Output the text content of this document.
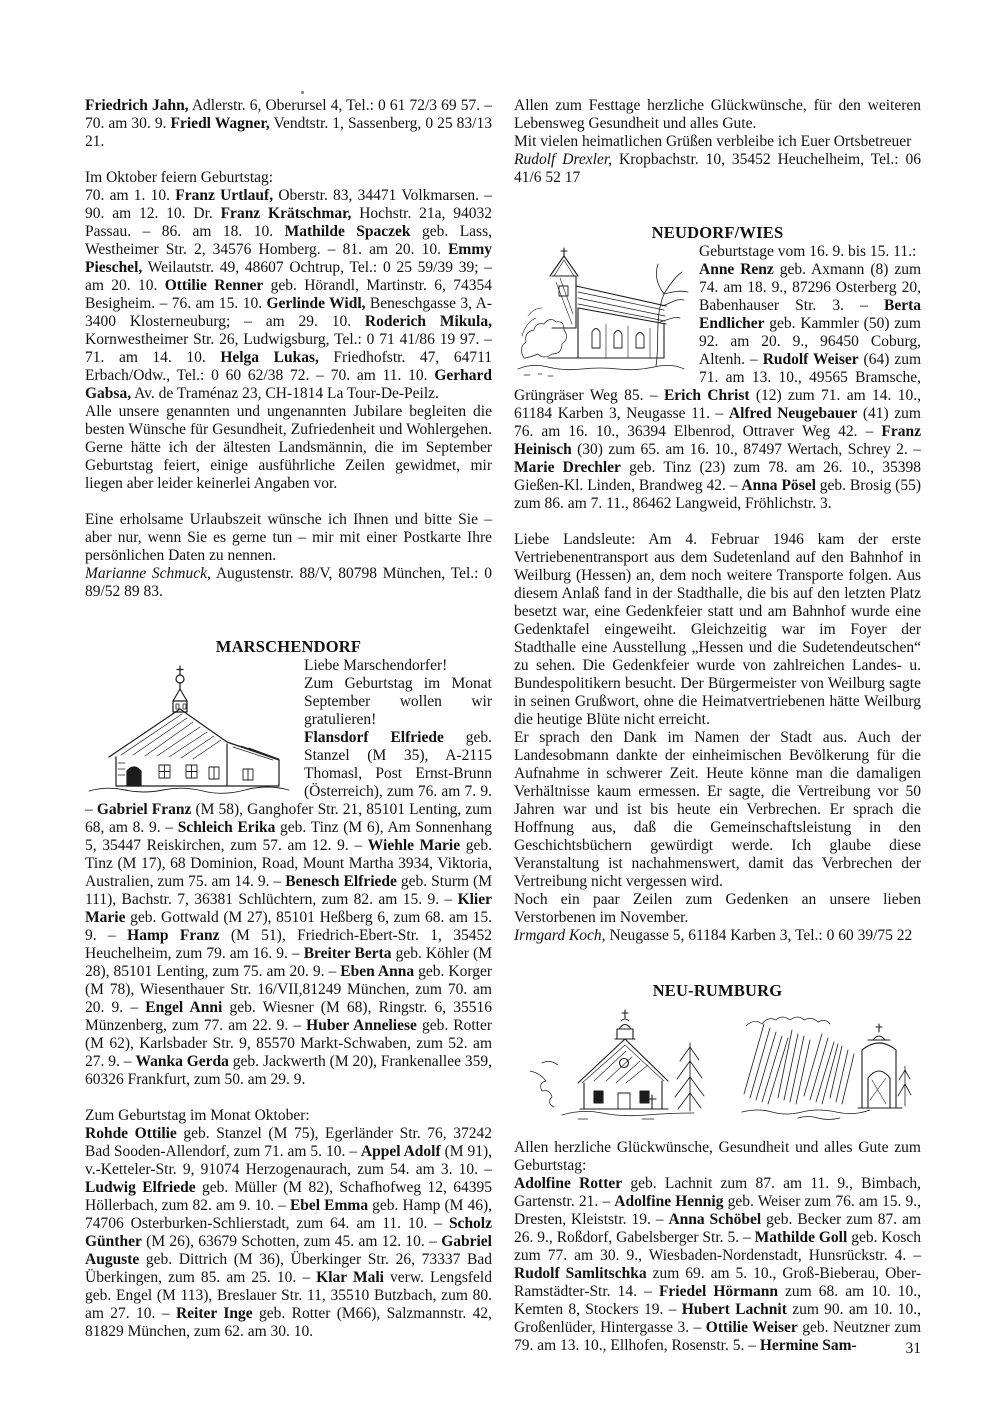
Friedrich Jahn, Adlerstr. 6, Oberursel 4, Tel.: 0 61 72/3 69 57. – 70. am 30. 9. Friedl Wagner, Vendtstr. 1, Sassenberg, 0 25 83/13 21.
Im Oktober feiern Geburtstag:
70. am 1. 10. Franz Urtlauf, Oberstr. 83, 34471 Volkmarsen. – 90. am 12. 10. Dr. Franz Krätschmar, Hochstr. 21a, 94032 Passau. – 86. am 18. 10. Mathilde Spaczek geb. Lass, Westheimer Str. 2, 34576 Homberg. – 81. am 20. 10. Emmy Pieschel, Weilautstr. 49, 48607 Ochtrup, Tel.: 0 25 59/39 39; – am 20. 10. Ottilie Renner geb. Hörandl, Martinstr. 6, 74354 Besigheim. – 76. am 15. 10. Gerlinde Widl, Beneschgasse 3, A-3400 Klosterneuburg; – am 29. 10. Roderich Mikula, Kornwestheimer Str. 26, Ludwigsburg, Tel.: 0 71 41/86 19 97. – 71. am 14. 10. Helga Lukas, Friedhofstr. 47, 64711 Erbach/Odw., Tel.: 0 60 62/38 72. – 70. am 11. 10. Gerhard Gabsa, Av. de Traménaz 23, CH-1814 La Tour-De-Peilz.
Alle unsere genannten und ungenannten Jubilare begleiten die besten Wünsche für Gesundheit, Zufriedenheit und Wohlergehen. Gerne hätte ich der ältesten Landsmännin, die im September Geburtstag feiert, einige ausführliche Zeilen gewidmet, mir liegen aber leider keinerlei Angaben vor.
Eine erholsame Urlaubszeit wünsche ich Ihnen und bitte Sie – aber nur, wenn Sie es gerne tun – mir mit einer Postkarte Ihre persönlichen Daten zu nennen.
Marianne Schmuck, Augustenstr. 88/V, 80798 München, Tel.: 0 89/52 89 83.
MARSCHENDORF
Liebe Marschendorfer!
Zum Geburtstag im Monat September wollen wir gratulieren!
Flansdorf Elfriede geb. Stanzel (M 35), A-2115 Thomasl, Post Ernst-Brunn (Österreich), zum 76. am 7. 9. – Gabriel Franz (M 58), Ganghofer Str. 21, 85101 Lenting, zum 68, am 8. 9. – Schleich Erika geb. Tinz (M 6), Am Sonnenhang 5, 35447 Reiskirchen, zum 57. am 12. 9. – Wiehle Marie geb. Tinz (M 17), 68 Dominion, Road, Mount Martha 3934, Viktoria, Australien, zum 75. am 14. 9. – Benesch Elfriede geb. Sturm (M 111), Bachstr. 7, 36381 Schlüchtern, zum 82. am 15. 9. – Klier Marie geb. Gottwald (M 27), 85101 Heßberg 6, zum 68. am 15. 9. – Hamp Franz (M 51), Friedrich-Ebert-Str. 1, 35452 Heuchelheim, zum 79. am 16. 9. – Breiter Berta geb. Köhler (M 28), 85101 Lenting, zum 75. am 20. 9. – Eben Anna geb. Korger (M 78), Wiesenthauer Str. 16/VII,81249 München, zum 70. am 20. 9. – Engel Anni geb. Wiesner (M 68), Ringstr. 6, 35516 Münzenberg, zum 77. am 22. 9. – Huber Anneliese geb. Rotter (M 62), Karlsbader Str. 9, 85570 Markt-Schwaben, zum 52. am 27. 9. – Wanka Gerda geb. Jackwerth (M 20), Frankenallee 359, 60326 Frankfurt, zum 50. am 29. 9.
Zum Geburtstag im Monat Oktober:
Rohde Ottilie geb. Stanzel (M 75), Egerländer Str. 76, 37242 Bad Sooden-Allendorf, zum 71. am 5. 10. – Appel Adolf (M 91), v.-Ketteler-Str. 9, 91074 Herzogenaurach, zum 54. am 3. 10. – Ludwig Elfriede geb. Müller (M 82), Schafhofweg 12, 64395 Höllerbach, zum 82. am 9. 10. – Ebel Emma geb. Hamp (M 46), 74706 Osterburken-Schlierstadt, zum 64. am 11. 10. – Scholz Günther (M 26), 63679 Schotten, zum 45. am 12. 10. – Gabriel Auguste geb. Dittrich (M 36), Überkinger Str. 26, 73337 Bad Überkingen, zum 85. am 25. 10. – Klar Mali verw. Lengsfeld geb. Engel (M 113), Breslauer Str. 11, 35510 Butzbach, zum 80. am 27. 10. – Reiter Inge geb. Rotter (M66), Salzmannstr. 42, 81829 München, zum 62. am 30. 10.
Allen zum Festtage herzliche Glückwünsche, für den weiteren Lebensweg Gesundheit und alles Gute.
Mit vielen heimatlichen Grüßen verbleibe ich Euer Ortsbetreuer
Rudolf Drexler, Kropbachstr. 10, 35452 Heuchelheim, Tel.: 06 41/6 52 17
NEUDORF/WIES
Geburtstage vom 16. 9. bis 15. 11.:
Anne Renz geb. Axmann (8) zum 74. am 18. 9., 87296 Osterberg 20, Babenhauser Str. 3. – Berta Endlicher geb. Kammler (50) zum 92. am 20. 9., 96450 Coburg, Altenh. – Rudolf Weiser (64) zum 71. am 13. 10., 49565 Bramsche, Grüngräser Weg 85. – Erich Christ (12) zum 71. am 14. 10., 61184 Karben 3, Neugasse 11. – Alfred Neugebauer (41) zum 76. am 16. 10., 36394 Elbenrod, Ottraver Weg 42. – Franz Heinisch (30) zum 65. am 16. 10., 87497 Wertach, Schrey 2. – Marie Drechler geb. Tinz (23) zum 78. am 26. 10., 35398 Gießen-Kl. Linden, Brandweg 42. – Anna Pösel geb. Brosig (55) zum 86. am 7. 11., 86462 Langweid, Fröhlichstr. 3.
Liebe Landsleute: Am 4. Februar 1946 kam der erste Vertriebenentransport aus dem Sudetenland auf den Bahnhof in Weilburg (Hessen) an, dem noch weitere Transporte folgen. Aus diesem Anlaß fand in der Stadthalle, die bis auf den letzten Platz besetzt war, eine Gedenkfeier statt und am Bahnhof wurde eine Gedenktafel eingeweiht. Gleichzeitig war im Foyer der Stadthalle eine Ausstellung „Hessen und die Sudetendeutschen“ zu sehen. Die Gedenkfeier wurde von zahlreichen Landes- u. Bundespolitikern besucht. Der Bürgermeister von Weilburg sagte in seinen Grußwort, ohne die Heimatvertriebenen hätte Weilburg die heutige Blüte nicht erreicht.
Er sprach den Dank im Namen der Stadt aus. Auch der Landesobmann dankte der einheimischen Bevölkerung für die Aufnahme in schwerer Zeit. Heute könne man die damaligen Verhältnisse kaum ermessen. Er sagte, die Vertreibung vor 50 Jahren war und ist bis heute ein Verbrechen. Er sprach die Hoffnung aus, daß die Gemeinschaftsleistung in den Geschichtsbüchern gewürdigt werde. Ich glaube diese Veranstaltung ist nachahmenswert, damit das Verbrechen der Vertreibung nicht vergessen wird.
Noch ein paar Zeilen zum Gedenken an unsere lieben Verstorbenen im November.
Irmgard Koch, Neugasse 5, 61184 Karben 3, Tel.: 0 60 39/75 22
NEU-RUMBURG
Allen herzliche Glückwünsche, Gesundheit und alles Gute zum Geburtstag:
Adolfine Rotter geb. Lachnit zum 87. am 11. 9., Bimbach, Gartenstr. 21. – Adolfine Hennig geb. Weiser zum 76. am 15. 9., Dresten, Kleiststr. 19. – Anna Schöbel geb. Becker zum 87. am 26. 9., Roßdorf, Gabelsberger Str. 5. – Mathilde Goll geb. Kosch zum 77. am 30. 9., Wiesbaden-Nordenstadt, Hunsrückstr. 4. – Rudolf Samlitschka zum 69. am 5. 10., Groß-Bieberau, Ober-Ramstädter-Str. 14. – Friedel Hörmann zum 68. am 10. 10., Kemten 8, Stockers 19. – Hubert Lachnit zum 90. am 10. 10., Großenlüder, Hintergasse 3. – Ottilie Weiser geb. Neutzner zum 79. am 13. 10., Ellhofen, Rosenstr. 5. – Hermine Sam-	31
